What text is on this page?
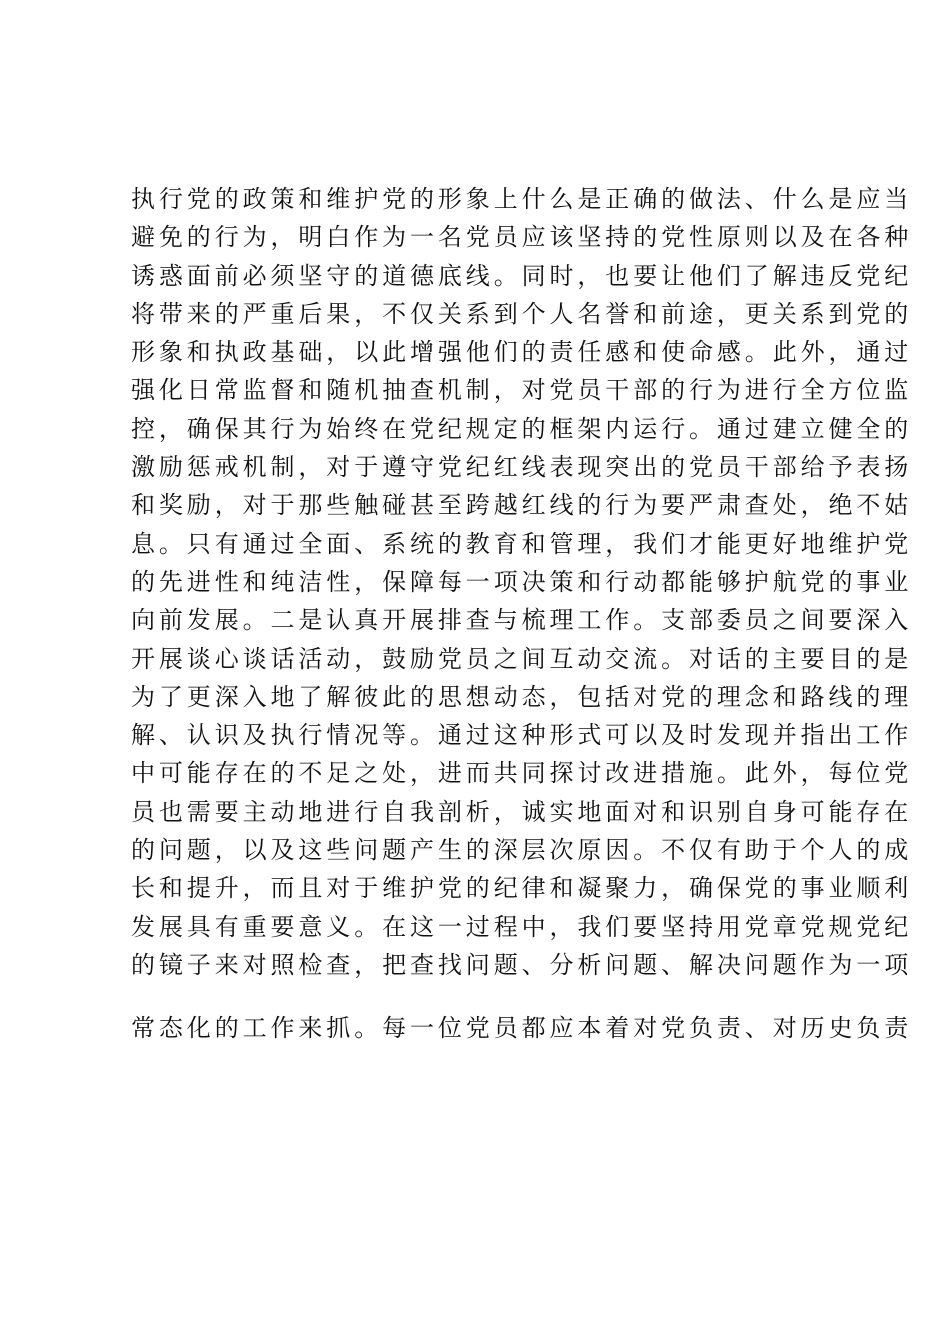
执行党的政策和维护党的形象上什么是正确的做法、什么是应当
避免的行为，明白作为一名党员应该坚持的党性原则以及在各种
诱惑面前必须坚守的道德底线。同时，也要让他们了解违反党纪
将带来的严重后果，不仅关系到个人名誉和前途，更关系到党的
形象和执政基础，以此增强他们的责任感和使命感。此外，通过
强化日常监督和随机抽查机制，对党员干部的行为进行全方位监
控，确保其行为始终在党纪规定的框架内运行。通过建立健全的
激励惩戒机制，对于遵守党纪红线表现突出的党员干部给予表扬
和奖励，对于那些触碰甚至跨越红线的行为要严肃查处，绝不姑
息。只有通过全面、系统的教育和管理，我们才能更好地维护党
的先进性和纯洁性，保障每一项决策和行动都能够护航党的事业
向前发展。二是认真开展排查与梳理工作。支部委员之间要深入
开展谈心谈话活动，鼓励党员之间互动交流。对话的主要目的是
为了更深入地了解彼此的思想动态，包括对党的理念和路线的理
解、认识及执行情况等。通过这种形式可以及时发现并指出工作
中可能存在的不足之处，进而共同探讨改进措施。此外，每位党
员也需要主动地进行自我剖析，诚实地面对和识别自身可能存在
的问题，以及这些问题产生的深层次原因。不仅有助于个人的成
长和提升，而且对于维护党的纪律和凝聚力，确保党的事业顺利
发展具有重要意义。在这一过程中，我们要坚持用党章党规党纪
的镜子来对照检查，把查找问题、分析问题、解决问题作为一项
常态化的工作来抓。每一位党员都应本着对党负责、对历史负责
